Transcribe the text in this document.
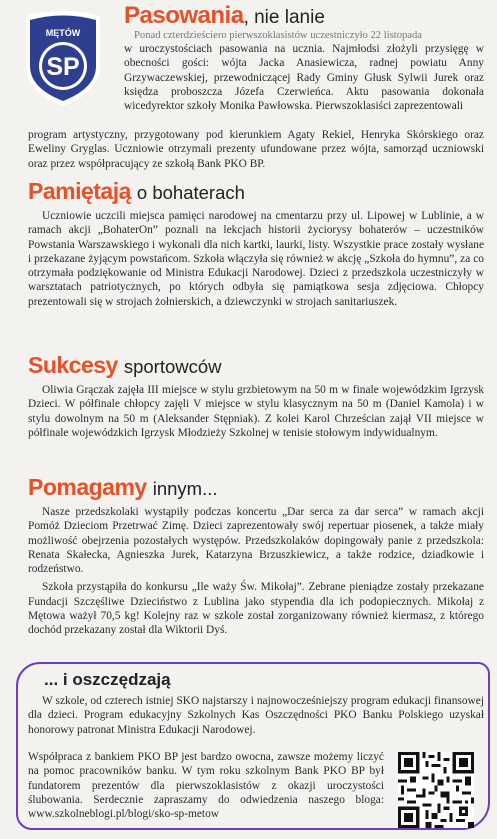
MĘTÓW
SP
Pasowania , nie lanie

Ponad czterdzieściero pierwszoklasistów uczestniczyło 22 listopada

w uroczystościach pasowania na ucznia. Najmłodsi złożyli przysięgę w obecności gości: wójta Jacka Anasiewicza, radnej powiatu Anny Grzywaczewskiej, przewodniczącej Rady Gminy Głusk Sylwii Jurek oraz księdza proboszcza Józefa Czerwieńca. Aktu pasowania dokonała wicedyrektor szkoły Monika Pawłowska. Pierwszoklasiści zaprezentowali

program artystyczny, przygotowany pod kierunkiem Agaty Rekiel, Henryka Skórskiego oraz Eweliny Gryglas. Uczniowie otrzymali prezenty ufundowane przez wójta, samorząd uczniowski oraz przez współpracujący ze szkołą Bank PKO BP.

Pamiętają o bohaterach

Uczniowie uczcili miejsca pamięci narodowej na cmentarzu przy ul. Lipowej w Lublinie, a w ramach akcji „BohaterOn” poznali na lekcjach historii życiorysy bohaterów – uczestników Powstania Warszawskiego i wykonali dla nich kartki, laurki, listy. Wszystkie prace zostały wysłane i przekazane żyjącym powstańcom. Szkoła włączyła się również w akcję „Szkoła do hymnu”, za co otrzymała podziękowanie od Ministra Edukacji Narodowej. Dzieci z przedszkola uczestniczyły w warsztatach patriotycznych, po których odbyła się pamiątkowa sesja zdjęciowa. Chłopcy prezentowali się w strojach żołnierskich, a dziewczynki w strojach sanitariuszek.

Sukcesy sportowców

Oliwia Grączak zajęła III miejsce w stylu grzbietowym na 50 m w finale wojewódzkim Igrzysk Dzieci. W półfinale chłopcy zajęli V miejsce w stylu klasycznym na 50 m (Daniel Kamola) i w stylu dowolnym na 50 m (Aleksander Stępniak). Z kolei Karol Chrześcian zajął VII miejsce w półfinale wojewódzkich Igrzysk Młodzieży Szkolnej w tenisie stołowym indywidualnym.

Pomagamy innym...

Nasze przedszkolaki wystąpiły podczas koncertu „Dar serca za dar serca” w ramach akcji Pomóż Dzieciom Przetrwać Zimę. Dzieci zaprezentowały swój repertuar piosenek, a także miały możliwość obejrzenia pozostałych występów. Przedszkolaków dopingowały panie z przedszkola: Renata Skałecka, Agnieszka Jurek, Katarzyna Brzuszkiewicz, a także rodzice, dziadkowie i rodzeństwo.

Szkoła przystąpiła do konkursu „Ile waży Św. Mikołaj”. Zebrane pieniądze zostały przekazane Fundacji Szczęśliwe Dzieciństwo z Lublina jako stypendia dla ich podopiecznych. Mikołaj z Mętowa ważył 70,5 kg! Kolejny raz w szkole został zorganizowany również kiermasz, z którego dochód przekazany został dla Wiktorii Dyś.

... i oszczędzają

W szkole, od czterech istniej SKO najstarszy i najnowocześniejszy program edukacji finansowej dla dzieci. Program edukacyjny Szkolnych Kas Oszczędności PKO Banku Polskiego uzyskał honorowy patronat Ministra Edukacji Narodowej.

Współpraca z bankiem PKO BP jest bardzo owocna, zawsze możemy liczyć na pomoc pracowników banku. W tym roku szkolnym Bank PKO BP był fundatorem prezentów dla pierwszoklasistów z okazji uroczystości ślubowania. Serdecznie zapraszamy do odwiedzenia naszego bloga: www.szkolneblogi.pl/blogi/sko-sp-metow
